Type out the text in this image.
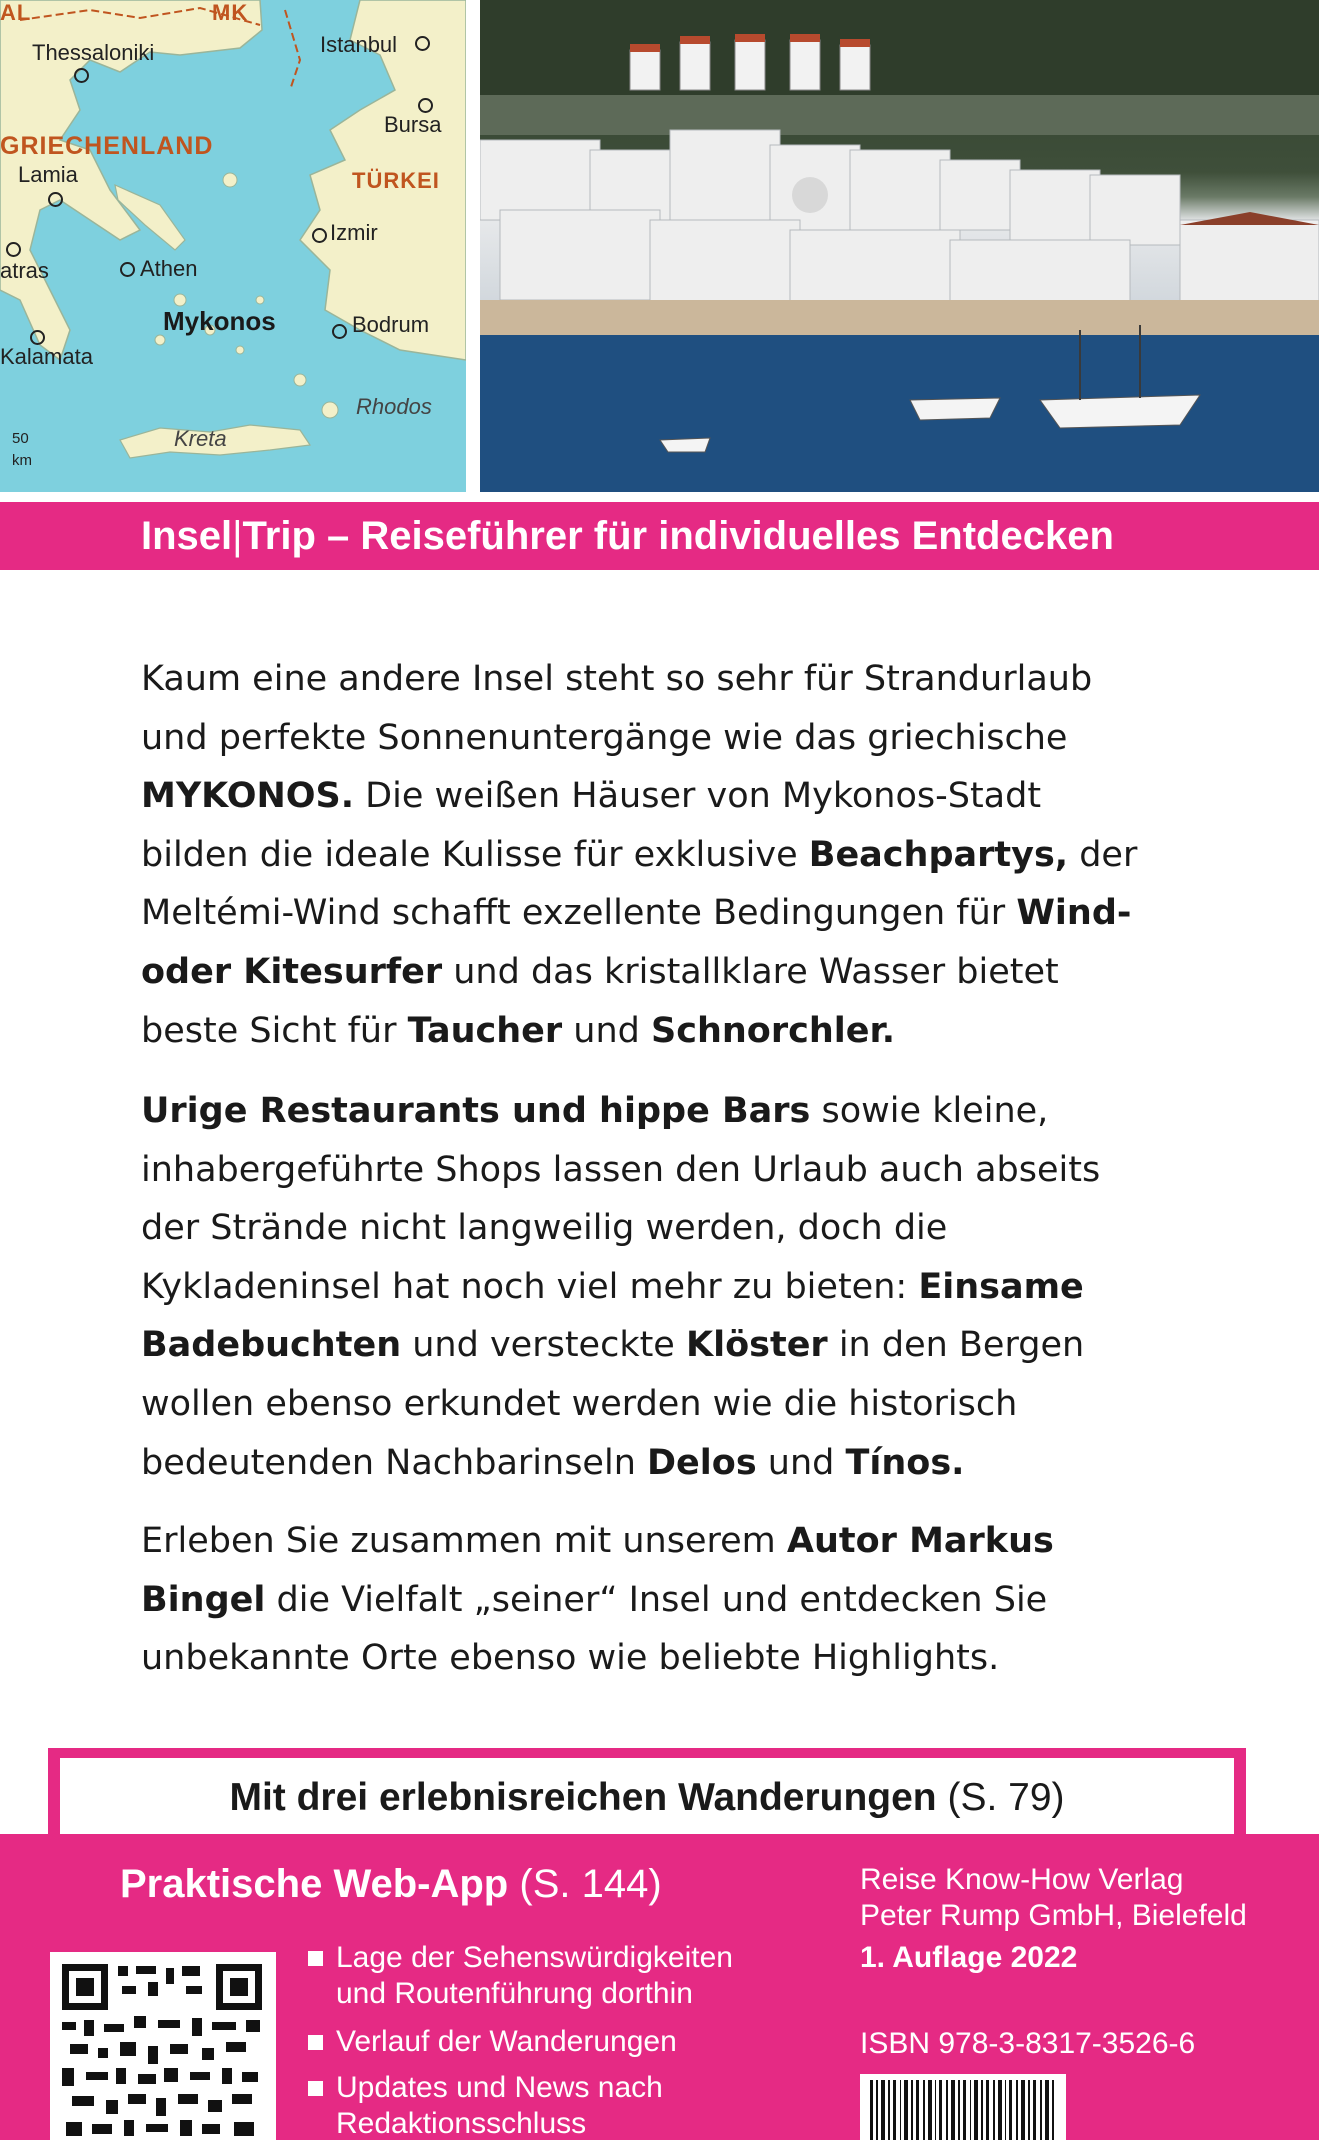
AL	MK
Thessaloniki	Istanbul
Bursa
GRIECHENLAND
TÜRKEI
Lamia
Izmir
atras	Athen
Mykonos	Bodrum
Kalamata
Rhodos
Kreta
50
km
Insel|Trip – Reiseführer für individuelles Entdecken

Kaum eine andere Insel steht so sehr für Strandurlaub und perfekte Sonnenuntergänge wie das griechische MYKONOS. Die weißen Häuser von Mykonos-Stadt bilden die ideale Kulisse für exklusive Beachpartys, der Meltémi-Wind schafft exzellente Bedingungen für Wind- oder Kitesurfer und das kristallklare Wasser bietet beste Sicht für Taucher und Schnorchler.

Urige Restaurants und hippe Bars sowie kleine, inhabergeführte Shops lassen den Urlaub auch abseits der Strände nicht langweilig werden, doch die Kykladeninsel hat noch viel mehr zu bieten: Einsame Badebuchten und versteckte Klöster in den Bergen wollen ebenso erkundet werden wie die historisch bedeutenden Nachbarinseln Delos und Tínos.

Erleben Sie zusammen mit unserem Autor Markus Bingel die Vielfalt „seiner“ Insel und entdecken Sie unbekannte Orte ebenso wie beliebte Highlights.

Mit drei erlebnisreichen Wanderungen (S. 79)
Praktische Web-App (S. 144)

Lage der Sehenswürdigkeiten und Routenführung dorthin

Verlauf der Wanderungen

Updates und News nach Redaktionsschluss

Reise Know-How Verlag
Peter Rump GmbH, Bielefeld
1. Auflage 2022
ISBN 978-3-8317-3526-6
